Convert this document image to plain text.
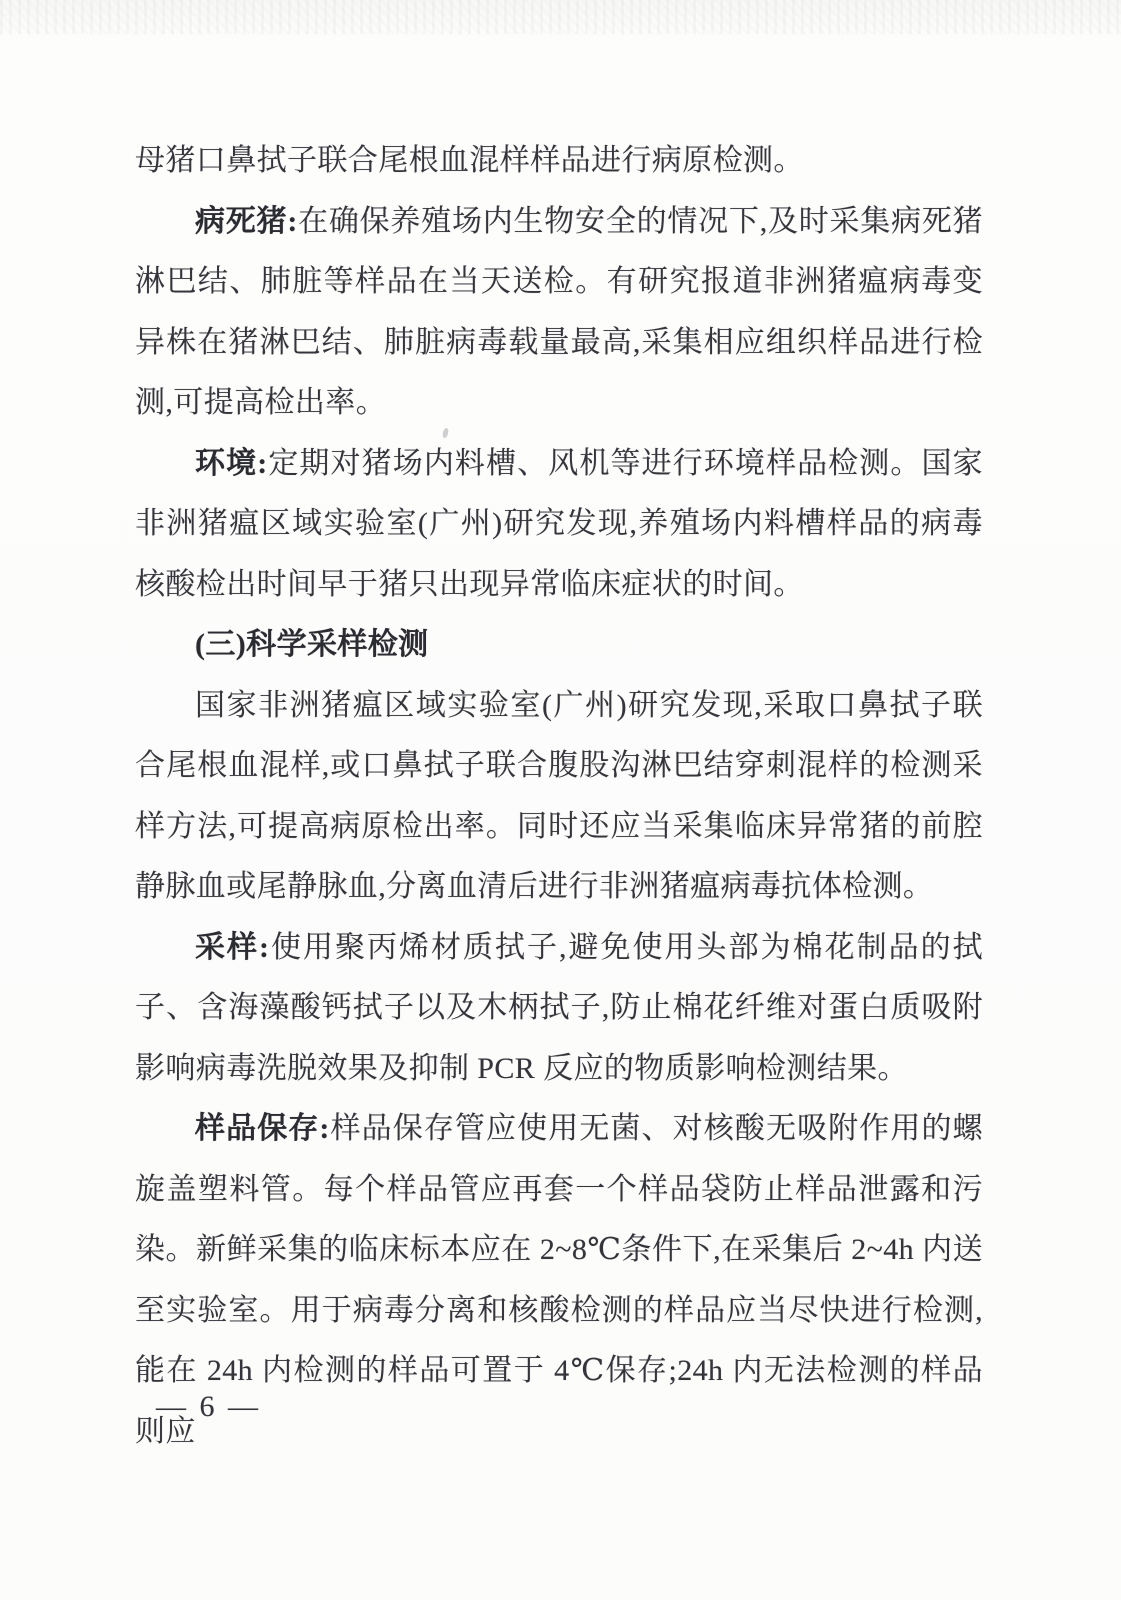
母猪口鼻拭子联合尾根血混样样品进行病原检测。

病死猪:在确保养殖场内生物安全的情况下,及时采集病死猪淋巴结、肺脏等样品在当天送检。有研究报道非洲猪瘟病毒变异株在猪淋巴结、肺脏病毒载量最高,采集相应组织样品进行检测,可提高检出率。

环境:定期对猪场内料槽、风机等进行环境样品检测。国家非洲猪瘟区域实验室(广州)研究发现,养殖场内料槽样品的病毒核酸检出时间早于猪只出现异常临床症状的时间。

(三)科学采样检测

国家非洲猪瘟区域实验室(广州)研究发现,采取口鼻拭子联合尾根血混样,或口鼻拭子联合腹股沟淋巴结穿刺混样的检测采样方法,可提高病原检出率。同时还应当采集临床异常猪的前腔静脉血或尾静脉血,分离血清后进行非洲猪瘟病毒抗体检测。

采样:使用聚丙烯材质拭子,避免使用头部为棉花制品的拭子、含海藻酸钙拭子以及木柄拭子,防止棉花纤维对蛋白质吸附影响病毒洗脱效果及抑制 PCR 反应的物质影响检测结果。

样品保存:样品保存管应使用无菌、对核酸无吸附作用的螺旋盖塑料管。每个样品管应再套一个样品袋防止样品泄露和污染。新鲜采集的临床标本应在 2~8℃条件下,在采集后 2~4h 内送至实验室。用于病毒分离和核酸检测的样品应当尽快进行检测,能在 24h 内检测的样品可置于 4℃保存;24h 内无法检测的样品则应

— 6 —
